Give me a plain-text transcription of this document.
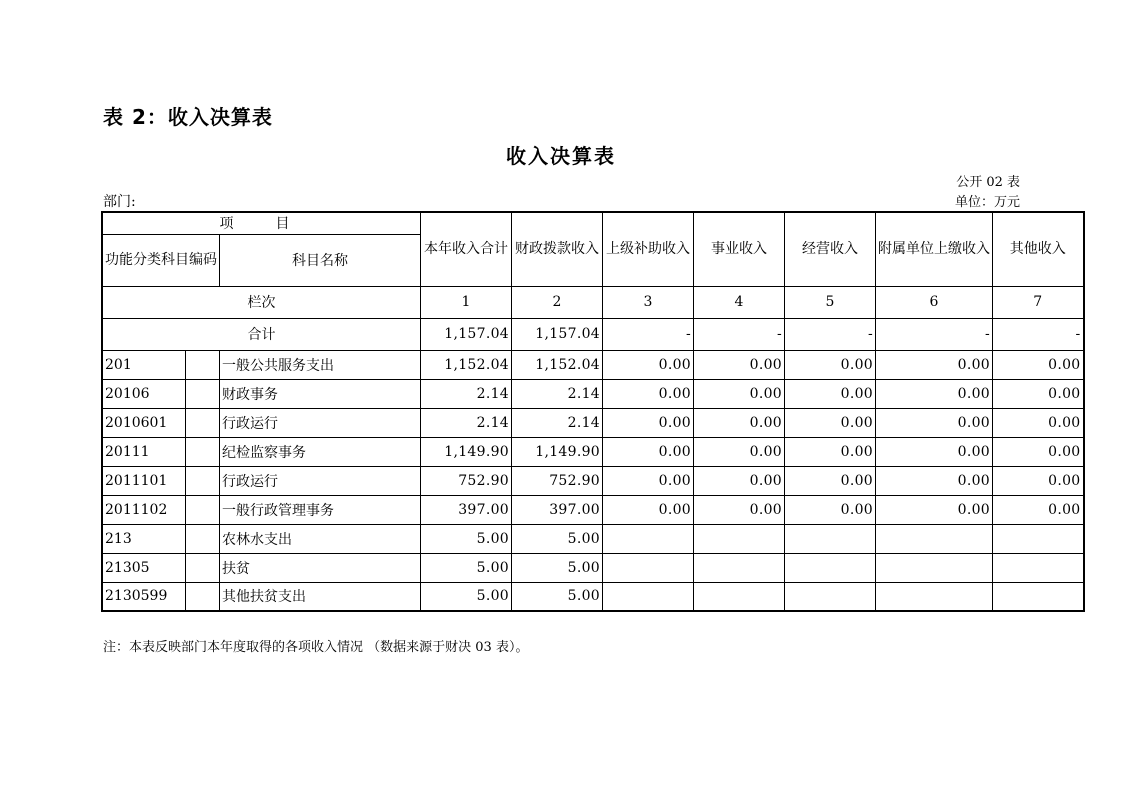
表 2：收入决算表
收入决算表
公开 02 表
部门:	单位：万元
项　目			本年收入合计	财政拨款收入	上级补助收入	事业收入	经营收入	附属单位上缴收入	其他收入
功能分类科目编码		科目名称							
栏次			1	2	3	4	5	6	7
合计			1,157.04	1,157.04	-	-	-	-	-
201		一般公共服务支出	1,152.04	1,152.04	0.00	0.00	0.00	0.00	0.00
20106		财政事务	2.14	2.14	0.00	0.00	0.00	0.00	0.00
2010601		行政运行	2.14	2.14	0.00	0.00	0.00	0.00	0.00
20111		纪检监察事务	1,149.90	1,149.90	0.00	0.00	0.00	0.00	0.00
2011101		行政运行	752.90	752.90	0.00	0.00	0.00	0.00	0.00
2011102		一般行政管理事务	397.00	397.00	0.00	0.00	0.00	0.00	0.00
213		农林水支出	5.00	5.00					
21305		扶贫	5.00	5.00					
2130599		其他扶贫支出	5.00	5.00					
注：本表反映部门本年度取得的各项收入情况 （数据来源于财决 03 表）。
